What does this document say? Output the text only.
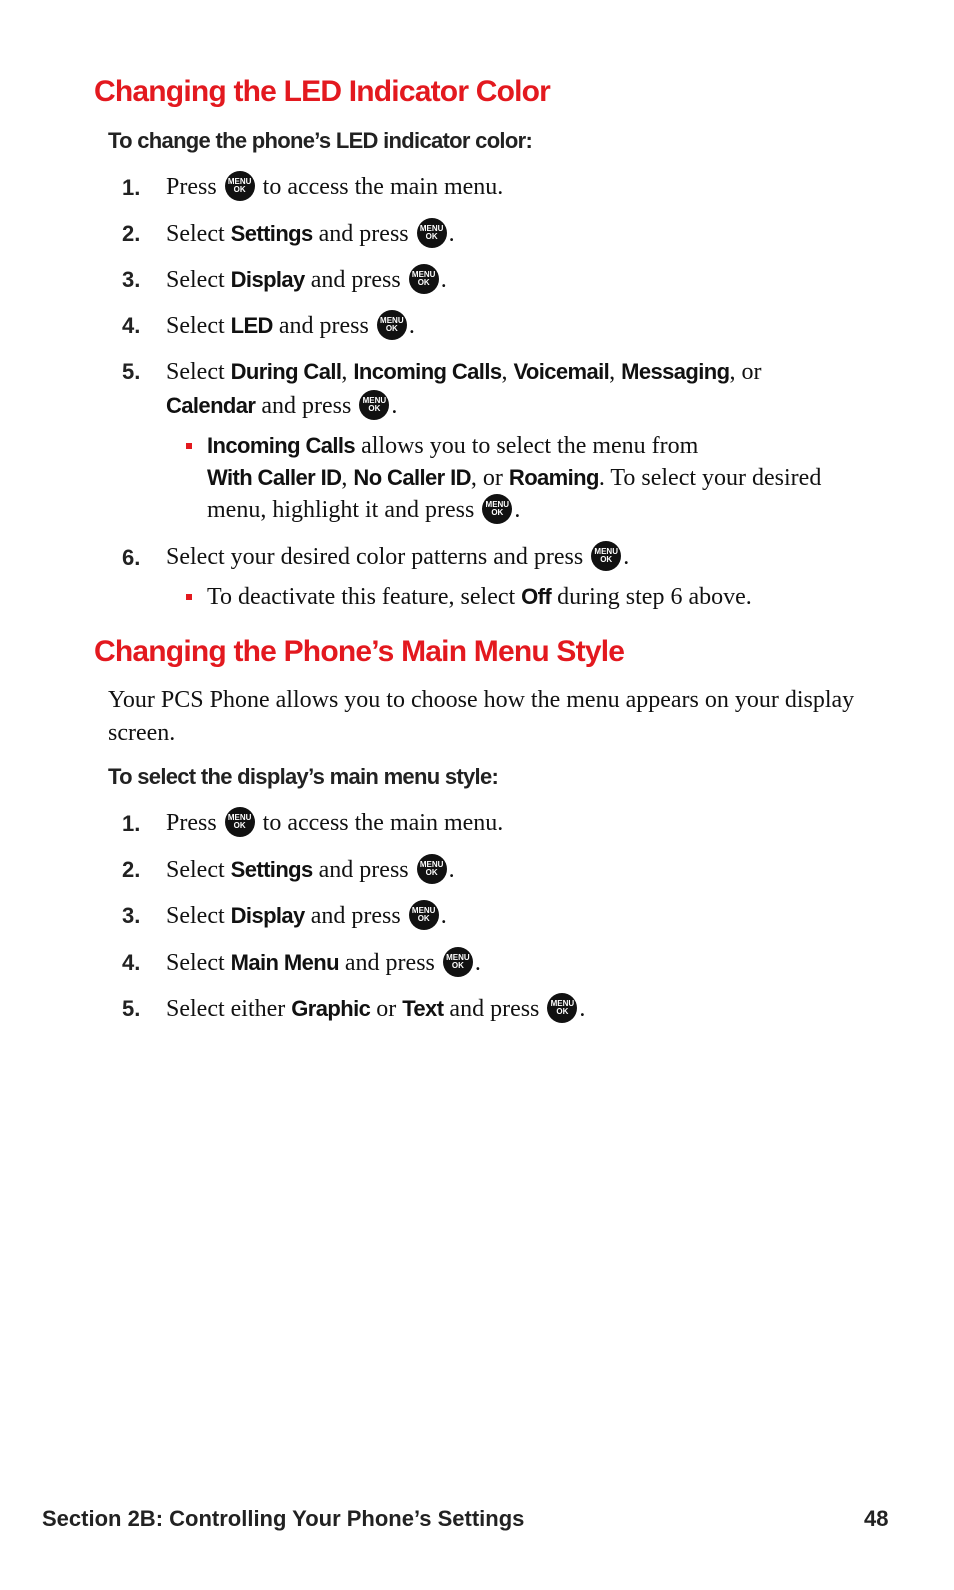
Changing the LED Indicator Color

To change the phone’s LED indicator color:

1. Press	MENU
OK to access the main menu.
2. Select Settings and press	MENU
OK .
3. Select Display and press	MENU
OK .
4. Select LED and press	MENU
OK .
5. Select During Call, Incoming Calls, Voicemail, Messaging, or
Calendar and press	MENU
OK .
Incoming Calls allows you to select the menu from
With Caller ID, No Caller ID, or Roaming. To select your desired menu, highlight it and press	MENU
OK .
6. Select your desired color patterns and press	MENU
OK .
To deactivate this feature, select Off during step 6 above.
Changing the Phone’s Main Menu Style

Your PCS Phone allows you to choose how the menu appears on your display screen.

To select the display’s main menu style:

1. Press	MENU
OK to access the main menu.
2. Select Settings and press	MENU
OK .
3. Select Display and press	MENU
OK .
4. Select Main Menu and press	MENU
OK .
5. Select either Graphic or Text and press	MENU
OK .
Section 2B: Controlling Your Phone’s Settings	48
